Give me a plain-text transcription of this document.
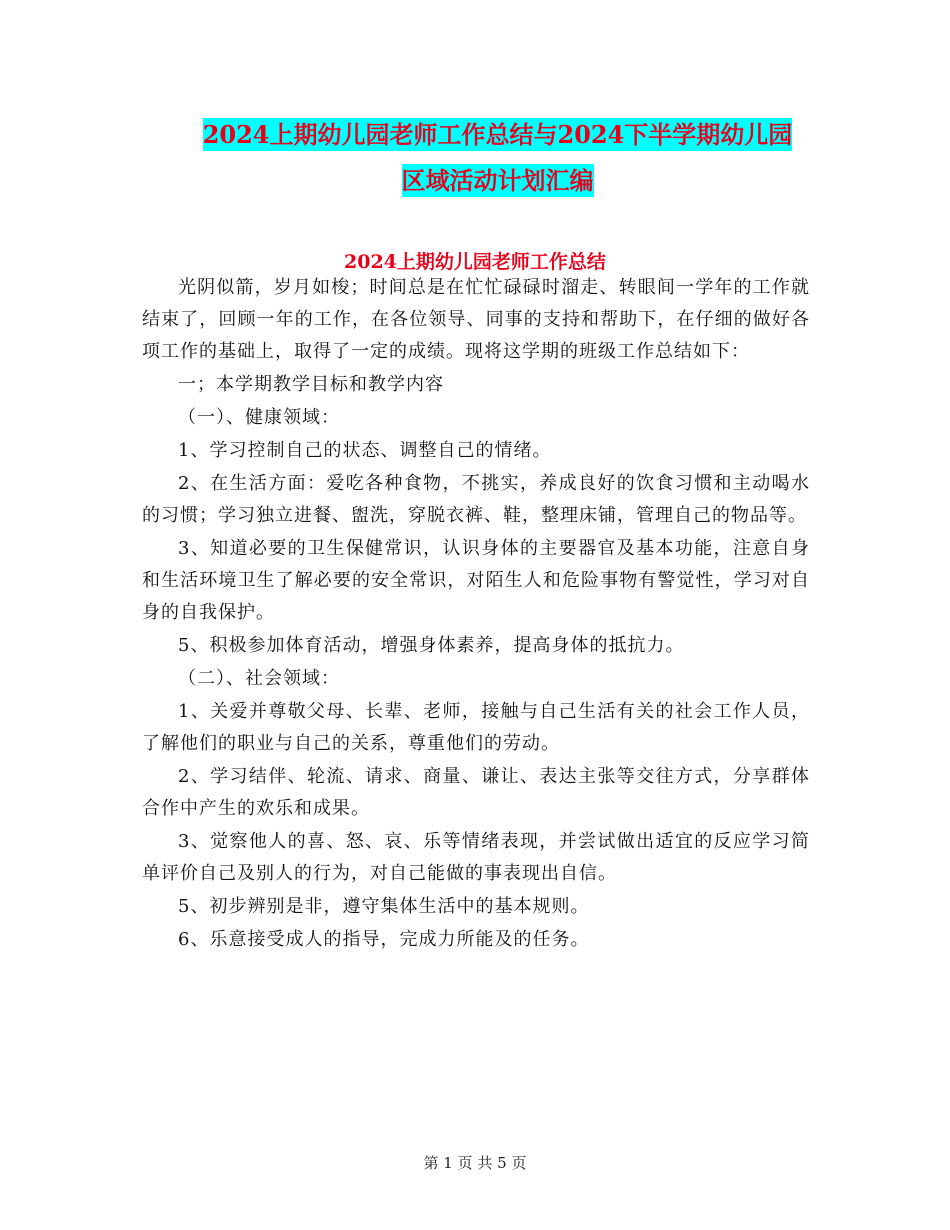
2024上期幼儿园老师工作总结与2024下半学期幼儿园
区域活动计划汇编
2024上期幼儿园老师工作总结

光阴似箭，岁月如梭；时间总是在忙忙碌碌时溜走、转眼间一学年的工作就结束了，回顾一年的工作，在各位领导、同事的支持和帮助下，在仔细的做好各项工作的基础上，取得了一定的成绩。现将这学期的班级工作总结如下：

一；本学期教学目标和教学内容

（一）、健康领域：

1、学习控制自己的状态、调整自己的情绪。

2、在生活方面：爱吃各种食物，不挑实，养成良好的饮食习惯和主动喝水的习惯；学习独立进餐、盥洗，穿脱衣裤、鞋，整理床铺，管理自己的物品等。

3、知道必要的卫生保健常识，认识身体的主要器官及基本功能，注意自身和生活环境卫生了解必要的安全常识，对陌生人和危险事物有警觉性，学习对自身的自我保护。

5、积极参加体育活动，增强身体素养，提高身体的抵抗力。

（二）、社会领域：

1、关爱并尊敬父母、长辈、老师，接触与自己生活有关的社会工作人员，了解他们的职业与自己的关系，尊重他们的劳动。

2、学习结伴、轮流、请求、商量、谦让、表达主张等交往方式，分享群体合作中产生的欢乐和成果。

3、觉察他人的喜、怒、哀、乐等情绪表现，并尝试做出适宜的反应学习简单评价自己及别人的行为，对自己能做的事表现出自信。

5、初步辨别是非，遵守集体生活中的基本规则。

6、乐意接受成人的指导，完成力所能及的任务。

第 1 页 共 5 页
